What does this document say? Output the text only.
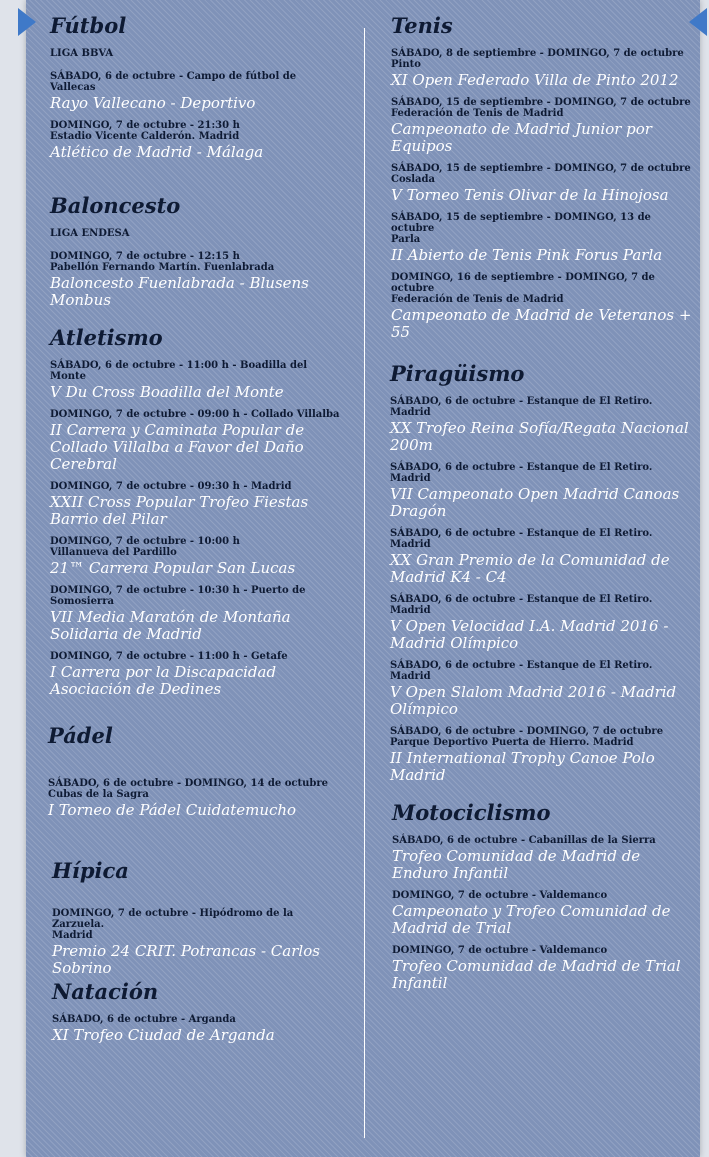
Fútbol
LIGA BBVA
SÁBADO, 6 de octubre - Campo de fútbol de Vallecas
Rayo Vallecano - Deportivo
DOMINGO, 7 de octubre - 21:30 h
Estadio Vicente Calderón. Madrid
Atlético de Madrid - Málaga
Baloncesto
LIGA ENDESA
DOMINGO, 7 de octubre - 12:15 h
Pabellón Fernando Martín. Fuenlabrada
Baloncesto Fuenlabrada - Blusens Monbus
Atletismo
SÁBADO, 6 de octubre - 11:00 h - Boadilla del Monte
V Du Cross Boadilla del Monte
DOMINGO, 7 de octubre - 09:00 h - Collado Villalba
II Carrera y Caminata Popular de Collado Villalba a Favor del Daño Cerebral
DOMINGO, 7 de octubre - 09:30 h - Madrid
XXII Cross Popular Trofeo Fiestas Barrio del Pilar
DOMINGO, 7 de octubre - 10:00 h
Villanueva del Pardillo
21™ Carrera Popular San Lucas
DOMINGO, 7 de octubre - 10:30 h - Puerto de Somosierra
VII Media Maratón de Montaña Solidaria de Madrid
DOMINGO, 7 de octubre - 11:00 h - Getafe
I Carrera por la Discapacidad Asociación de Dedines
Pádel
SÁBADO, 6 de octubre - DOMINGO, 14 de octubre
Cubas de la Sagra
I Torneo de Pádel Cuidatemucho
Hípica
DOMINGO, 7 de octubre - Hipódromo de la Zarzuela.
Madrid
Premio 24 CRIT. Potrancas - Carlos Sobrino
Natación
SÁBADO, 6 de octubre - Arganda
XI Trofeo Ciudad de Arganda
Tenis
SÁBADO, 8 de septiembre - DOMINGO, 7 de octubre
Pinto
XI Open Federado Villa de Pinto 2012
SÁBADO, 15 de septiembre - DOMINGO, 7 de octubre
Federación de Tenis de Madrid
Campeonato de Madrid Junior por Equipos
SÁBADO, 15 de septiembre - DOMINGO, 7 de octubre
Coslada
V Torneo Tenis Olivar de la Hinojosa
SÁBADO, 15 de septiembre - DOMINGO, 13 de octubre
Parla
II Abierto de Tenis Pink Forus Parla
DOMINGO, 16 de septiembre - DOMINGO, 7 de octubre
Federación de Tenis de Madrid
Campeonato de Madrid de Veteranos + 55
Piragüismo
SÁBADO, 6 de octubre - Estanque de El Retiro. Madrid
XX Trofeo Reina Sofía/Regata Nacional 200m
SÁBADO, 6 de octubre - Estanque de El Retiro. Madrid
VII Campeonato Open Madrid Canoas Dragón
SÁBADO, 6 de octubre - Estanque de El Retiro. Madrid
XX Gran Premio de la Comunidad de Madrid K4 - C4
SÁBADO, 6 de octubre - Estanque de El Retiro. Madrid
V Open Velocidad I.A. Madrid 2016 - Madrid Olímpico
SÁBADO, 6 de octubre - Estanque de El Retiro. Madrid
V Open Slalom Madrid 2016 - Madrid Olímpico
SÁBADO, 6 de octubre - DOMINGO, 7 de octubre
Parque Deportivo Puerta de Hierro. Madrid
II International Trophy Canoe Polo Madrid
Motociclismo
SÁBADO, 6 de octubre - Cabanillas de la Sierra
Trofeo Comunidad de Madrid de Enduro Infantil
DOMINGO, 7 de octubre - Valdemanco
Campeonato y Trofeo Comunidad de Madrid de Trial
DOMINGO, 7 de octubre - Valdemanco
Trofeo Comunidad de Madrid de Trial Infantil
